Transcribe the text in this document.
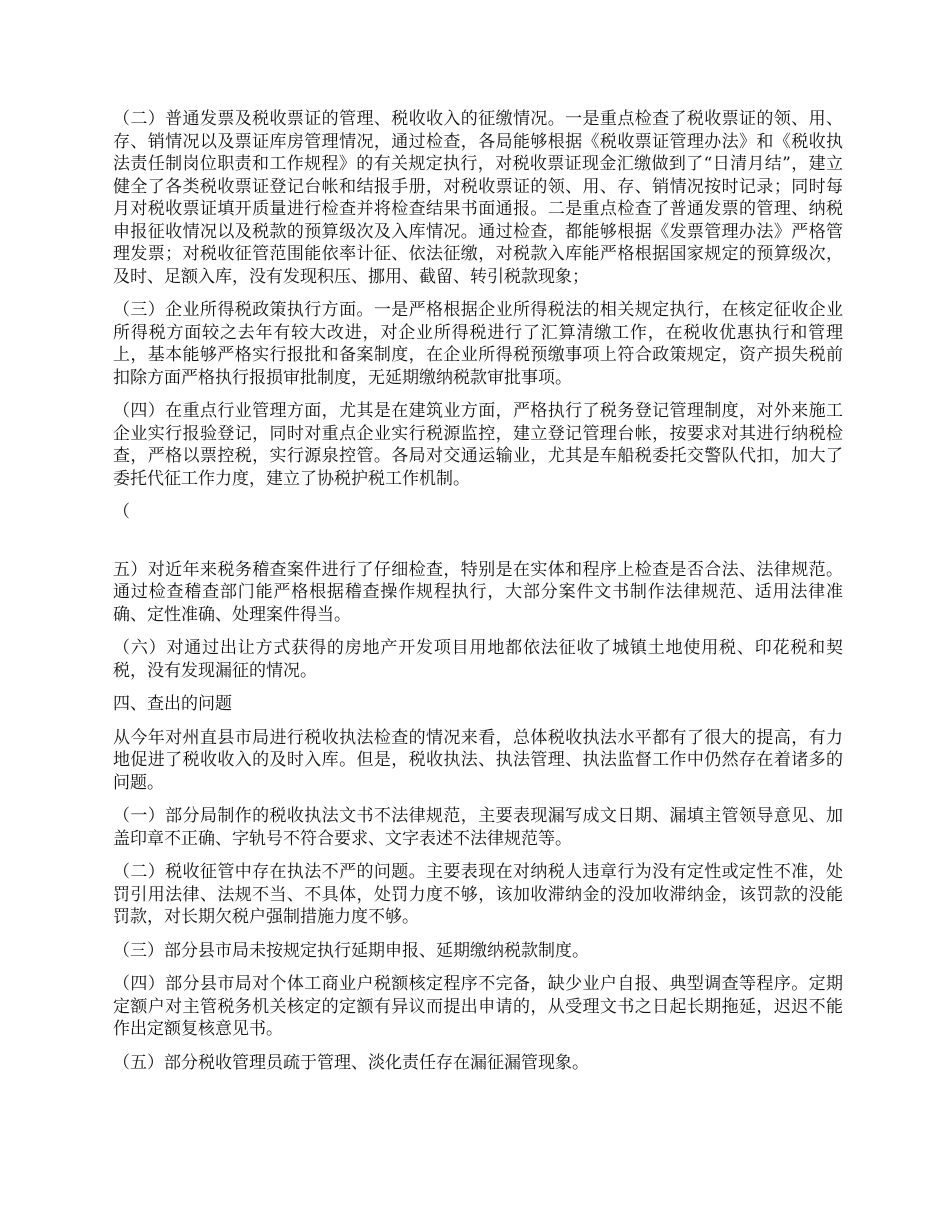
（二）普通发票及税收票证的管理、税收收入的征缴情况。一是重点检查了税收票证的领、用、存、销情况以及票证库房管理情况，通过检查，各局能够根据《税收票证管理办法》和《税收执法责任制岗位职责和工作规程》的有关规定执行，对税收票证现金汇缴做到了“日清月结”，建立健全了各类税收票证登记台帐和结报手册，对税收票证的领、用、存、销情况按时记录；同时每月对税收票证填开质量进行检查并将检查结果书面通报。二是重点检查了普通发票的管理、纳税申报征收情况以及税款的预算级次及入库情况。通过检查，都能够根据《发票管理办法》严格管理发票；对税收征管范围能依率计征、依法征缴，对税款入库能严格根据国家规定的预算级次，及时、足额入库，没有发现积压、挪用、截留、转引税款现象；

（三）企业所得税政策执行方面。一是严格根据企业所得税法的相关规定执行，在核定征收企业所得税方面较之去年有较大改进，对企业所得税进行了汇算清缴工作，在税收优惠执行和管理上，基本能够严格实行报批和备案制度，在企业所得税预缴事项上符合政策规定，资产损失税前扣除方面严格执行报损审批制度，无延期缴纳税款审批事项。

（四）在重点行业管理方面，尤其是在建筑业方面，严格执行了税务登记管理制度，对外来施工企业实行报验登记，同时对重点企业实行税源监控，建立登记管理台帐，按要求对其进行纳税检查，严格以票控税，实行源泉控管。各局对交通运输业，尤其是车船税委托交警队代扣，加大了委托代征工作力度，建立了协税护税工作机制。

（

五）对近年来税务稽查案件进行了仔细检查，特别是在实体和程序上检查是否合法、法律规范。通过检查稽查部门能严格根据稽查操作规程执行，大部分案件文书制作法律规范、适用法律准确、定性准确、处理案件得当。

（六）对通过出让方式获得的房地产开发项目用地都依法征收了城镇土地使用税、印花税和契税，没有发现漏征的情况。

四、查出的问题

从今年对州直县市局进行税收执法检查的情况来看，总体税收执法水平都有了很大的提高，有力地促进了税收收入的及时入库。但是，税收执法、执法管理、执法监督工作中仍然存在着诸多的问题。

（一）部分局制作的税收执法文书不法律规范，主要表现漏写成文日期、漏填主管领导意见、加盖印章不正确、字轨号不符合要求、文字表述不法律规范等。

（二）税收征管中存在执法不严的问题。主要表现在对纳税人违章行为没有定性或定性不准，处罚引用法律、法规不当、不具体，处罚力度不够，该加收滞纳金的没加收滞纳金，该罚款的没能罚款，对长期欠税户强制措施力度不够。

（三）部分县市局未按规定执行延期申报、延期缴纳税款制度。

（四）部分县市局对个体工商业户税额核定程序不完备，缺少业户自报、典型调查等程序。定期定额户对主管税务机关核定的定额有异议而提出申请的，从受理文书之日起长期拖延，迟迟不能作出定额复核意见书。

（五）部分税收管理员疏于管理、淡化责任存在漏征漏管现象。
